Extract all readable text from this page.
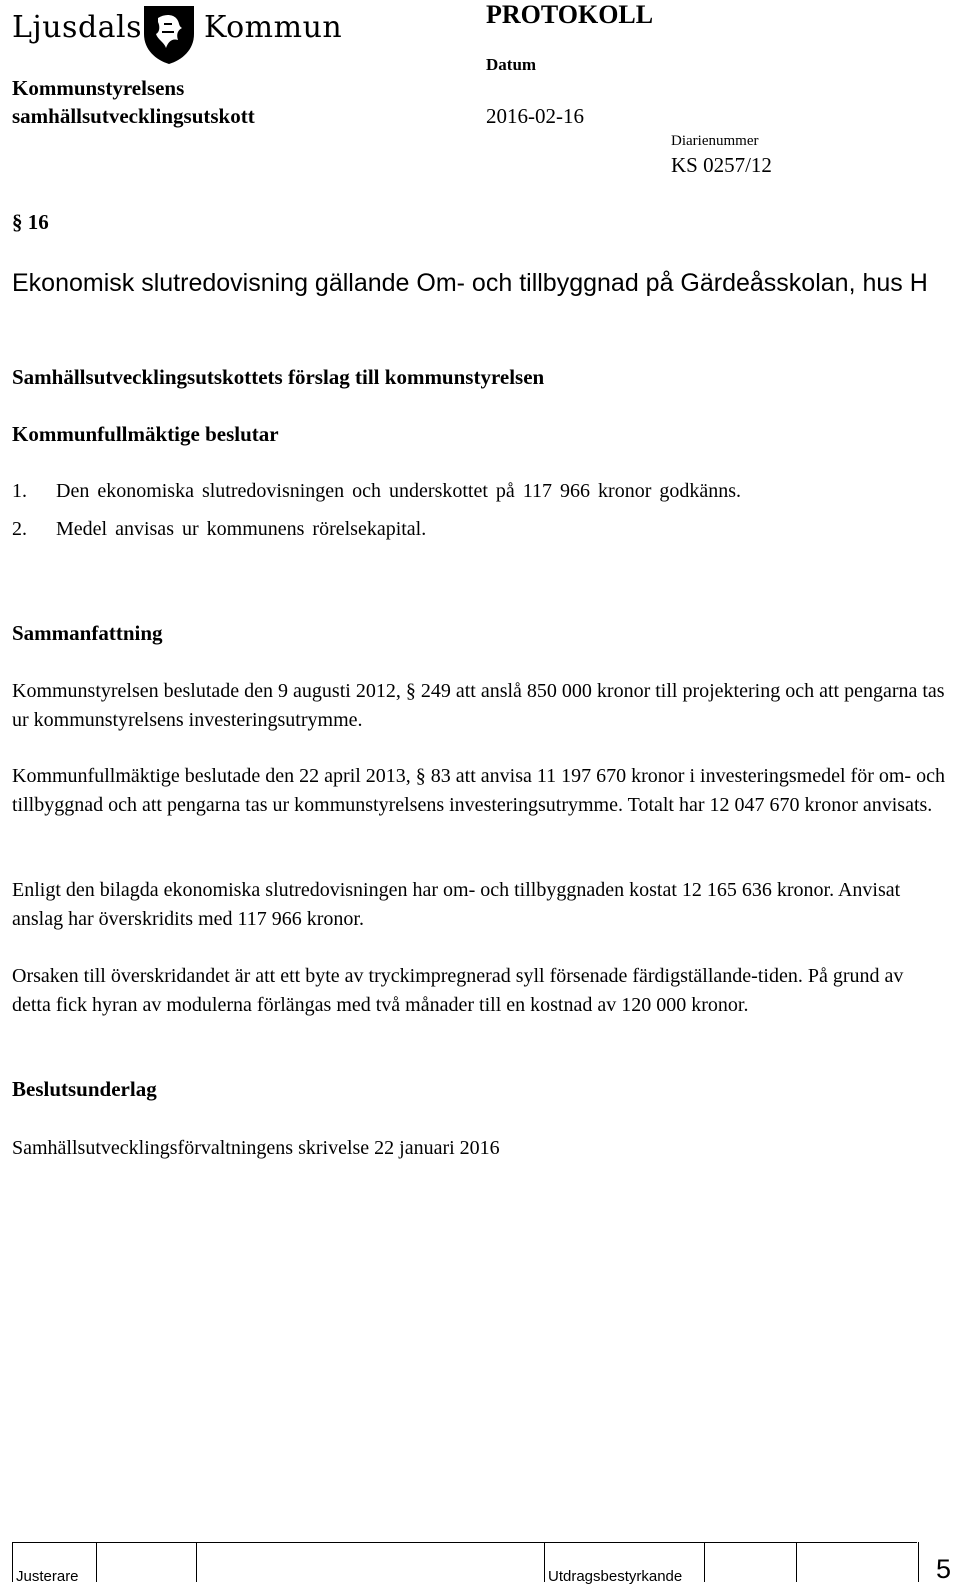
Ljusdals Kommun	PROTOKOLL
Datum
Kommunstyrelsens
samhällsutvecklingsutskott	2016-02-16
Diarienummer
KS 0257/12
§ 16
Ekonomisk slutredovisning gällande Om- och tillbyggnad på Gärdeåsskolan, hus H
Samhällsutvecklingsutskottets förslag till kommunstyrelsen
Kommunfullmäktige beslutar
1. Den ekonomiska slutredovisningen och underskottet på 117 966 kronor godkänns.
2. Medel anvisas ur kommunens rörelsekapital.
Sammanfattning
Kommunstyrelsen beslutade den 9 augusti 2012, § 249 att anslå 850 000 kronor till projektering och att pengarna tas ur kommunstyrelsens investeringsutrymme.
Kommunfullmäktige beslutade den 22 april 2013, § 83 att anvisa 11 197 670 kronor i investeringsmedel för om- och tillbyggnad och att pengarna tas ur kommunstyrelsens investeringsutrymme. Totalt har 12 047 670 kronor anvisats.
Enligt den bilagda ekonomiska slutredovisningen har om- och tillbyggnaden kostat 12 165 636 kronor. Anvisat anslag har överskridits med 117 966 kronor.
Orsaken till överskridandet är att ett byte av tryckimpregnerad syll försenade färdigställande-tiden. På grund av detta fick hyran av modulerna förlängas med två månader till en kostnad av 120 000 kronor.
Beslutsunderlag
Samhällsutvecklingsförvaltningens skrivelse 22 januari 2016
Justerare	Utdragsbestyrkande	5
